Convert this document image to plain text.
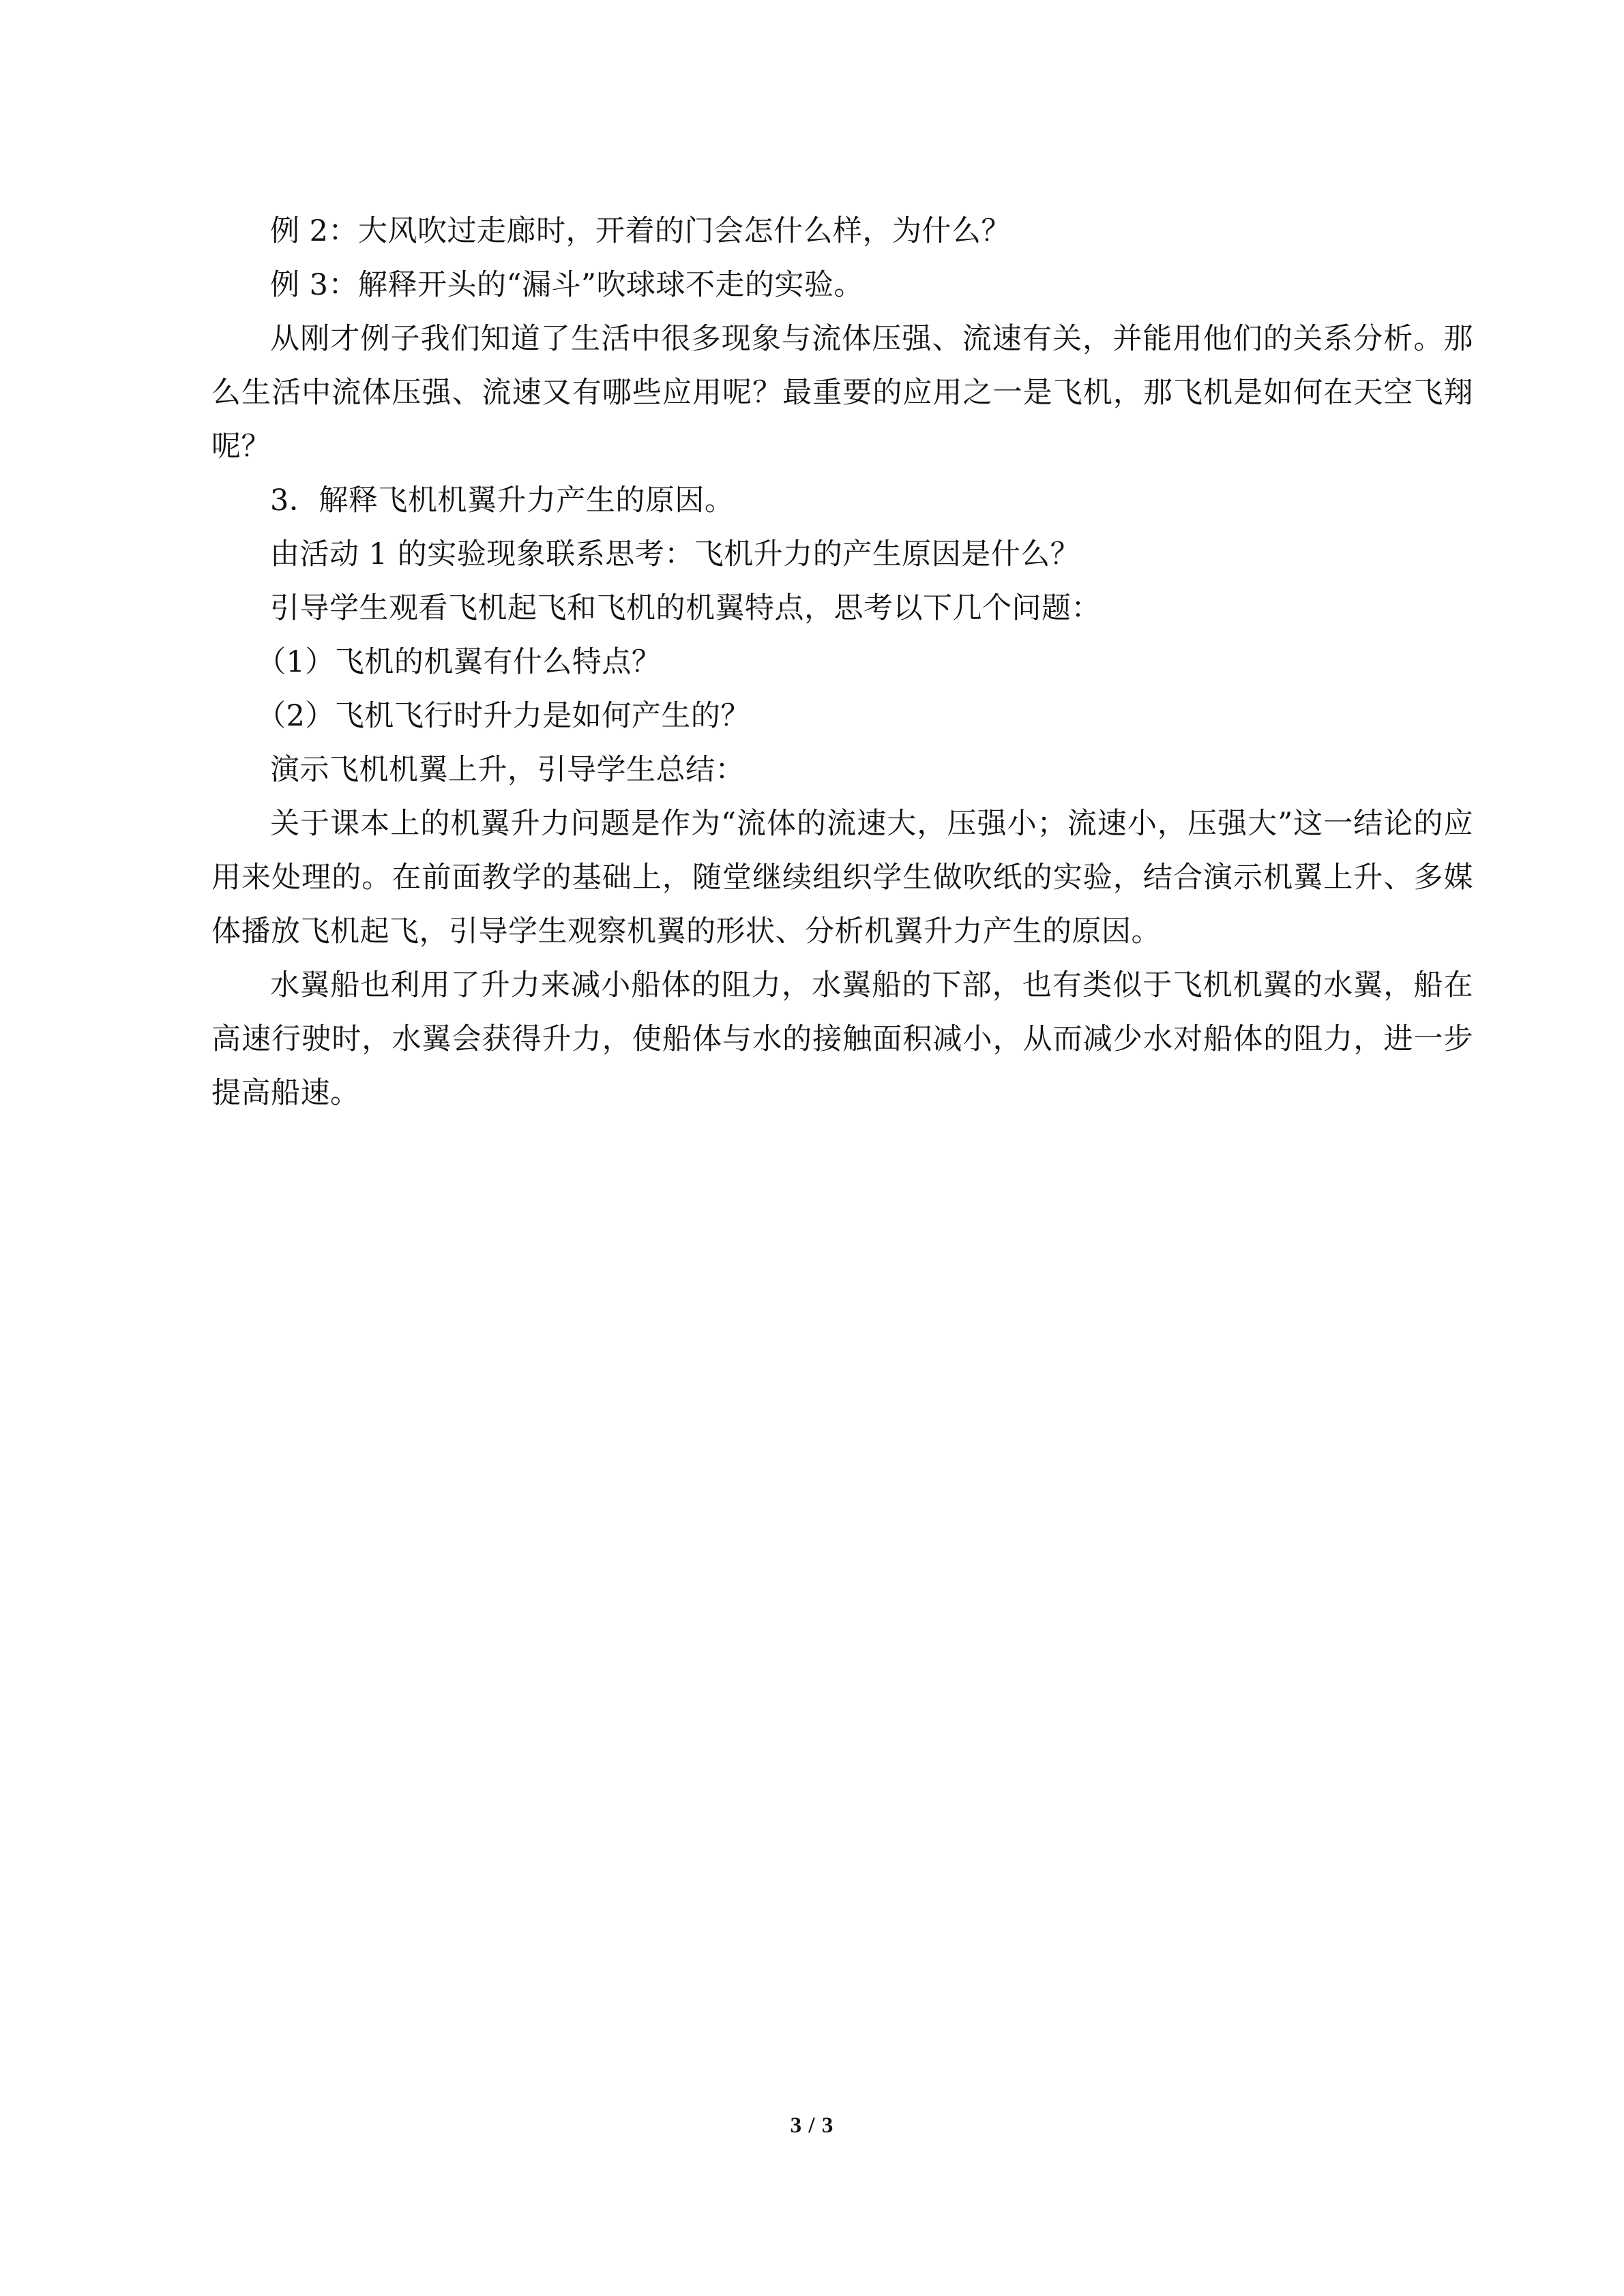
例 2：大风吹过走廊时，开着的门会怎什么样，为什么？

例 3：解释开头的“漏斗”吹球球不走的实验。

从刚才例子我们知道了生活中很多现象与流体压强、流速有关，并能用他们的关系分析。那么生活中流体压强、流速又有哪些应用呢？最重要的应用之一是飞机，那飞机是如何在天空飞翔呢？

3．解释飞机机翼升力产生的原因。

由活动 1 的实验现象联系思考：飞机升力的产生原因是什么？

引导学生观看飞机起飞和飞机的机翼特点，思考以下几个问题：

（1）飞机的机翼有什么特点？

（2）飞机飞行时升力是如何产生的？

演示飞机机翼上升，引导学生总结：

关于课本上的机翼升力问题是作为“流体的流速大，压强小；流速小，压强大”这一结论的应用来处理的。在前面教学的基础上，随堂继续组织学生做吹纸的实验，结合演示机翼上升、多媒体播放飞机起飞，引导学生观察机翼的形状、分析机翼升力产生的原因。

水翼船也利用了升力来减小船体的阻力，水翼船的下部，也有类似于飞机机翼的水翼，船在高速行驶时，水翼会获得升力，使船体与水的接触面积减小，从而减少水对船体的阻力，进一步提高船速。

3 / 3
